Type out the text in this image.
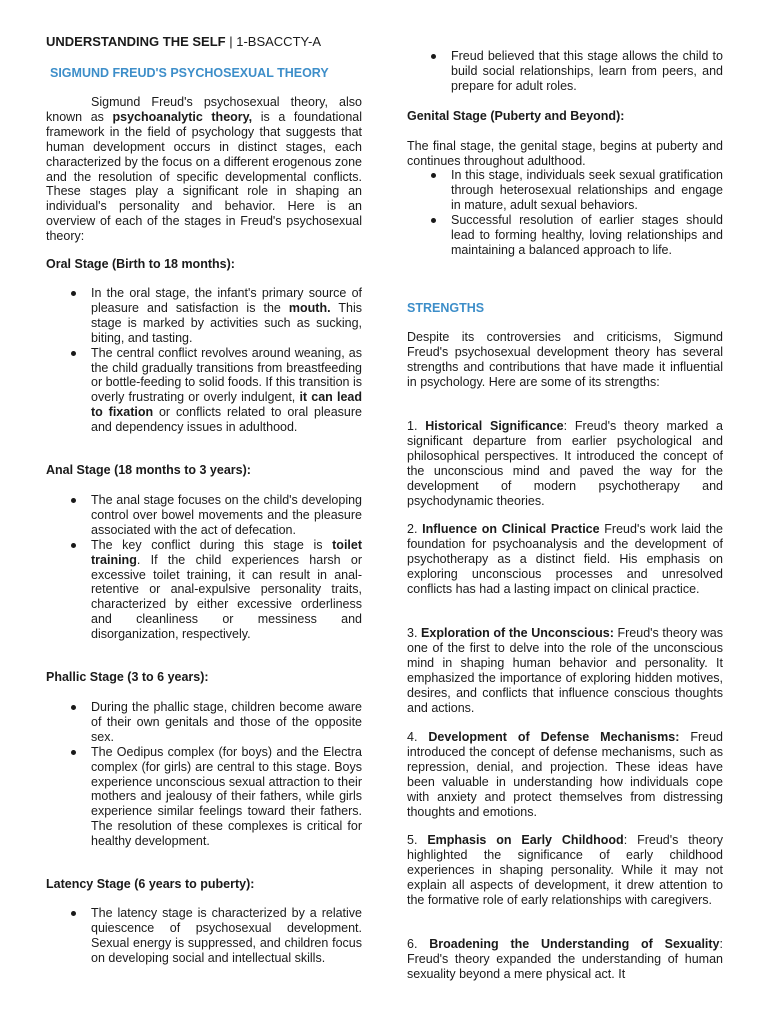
UNDERSTANDING THE SELF | 1-BSACCTY-A
SIGMUND FREUD'S PSYCHOSEXUAL THEORY

Sigmund Freud's psychosexual theory, also known as psychoanalytic theory, is a foundational framework in the field of psychology that suggests that human development occurs in distinct stages, each characterized by the focus on a different erogenous zone and the resolution of specific developmental conflicts. These stages play a significant role in shaping an individual's personality and behavior. Here is an overview of each of the stages in Freud's psychosexual theory:

Oral Stage (Birth to 18 months):
In the oral stage, the infant's primary source of pleasure and satisfaction is the mouth. This stage is marked by activities such as sucking, biting, and tasting.
The central conflict revolves around weaning, as the child gradually transitions from breastfeeding or bottle-feeding to solid foods. If this transition is overly frustrating or overly indulgent, it can lead to fixation or conflicts related to oral pleasure and dependency issues in adulthood.
Anal Stage (18 months to 3 years):
The anal stage focuses on the child's developing control over bowel movements and the pleasure associated with the act of defecation.
The key conflict during this stage is toilet training. If the child experiences harsh or excessive toilet training, it can result in anal-retentive or anal-expulsive personality traits, characterized by either excessive orderliness and cleanliness or messiness and disorganization, respectively.
Phallic Stage (3 to 6 years):
During the phallic stage, children become aware of their own genitals and those of the opposite sex.
The Oedipus complex (for boys) and the Electra complex (for girls) are central to this stage. Boys experience unconscious sexual attraction to their mothers and jealousy of their fathers, while girls experience similar feelings toward their fathers. The resolution of these complexes is critical for healthy development.
Latency Stage (6 years to puberty):
The latency stage is characterized by a relative quiescence of psychosexual development. Sexual energy is suppressed, and children focus on developing social and intellectual skills.
Freud believed that this stage allows the child to build social relationships, learn from peers, and prepare for adult roles.
Genital Stage (Puberty and Beyond):

The final stage, the genital stage, begins at puberty and continues throughout adulthood.

In this stage, individuals seek sexual gratification through heterosexual relationships and engage in mature, adult sexual behaviors.
Successful resolution of earlier stages should lead to forming healthy, loving relationships and maintaining a balanced approach to life.
STRENGTHS

Despite its controversies and criticisms, Sigmund Freud's psychosexual development theory has several strengths and contributions that have made it influential in psychology. Here are some of its strengths:

1. Historical Significance: Freud's theory marked a significant departure from earlier psychological and philosophical perspectives. It introduced the concept of the unconscious mind and paved the way for the development of modern psychotherapy and psychodynamic theories.

2. Influence on Clinical Practice Freud's work laid the foundation for psychoanalysis and the development of psychotherapy as a distinct field. His emphasis on exploring unconscious processes and unresolved conflicts has had a lasting impact on clinical practice.

3. Exploration of the Unconscious: Freud's theory was one of the first to delve into the role of the unconscious mind in shaping human behavior and personality. It emphasized the importance of exploring hidden motives, desires, and conflicts that influence conscious thoughts and actions.

4. Development of Defense Mechanisms: Freud introduced the concept of defense mechanisms, such as repression, denial, and projection. These ideas have been valuable in understanding how individuals cope with anxiety and protect themselves from distressing thoughts and emotions.

5. Emphasis on Early Childhood: Freud's theory highlighted the significance of early childhood experiences in shaping personality. While it may not explain all aspects of development, it drew attention to the formative role of early relationships with caregivers.

6. Broadening the Understanding of Sexuality: Freud's theory expanded the understanding of human sexuality beyond a mere physical act. It
